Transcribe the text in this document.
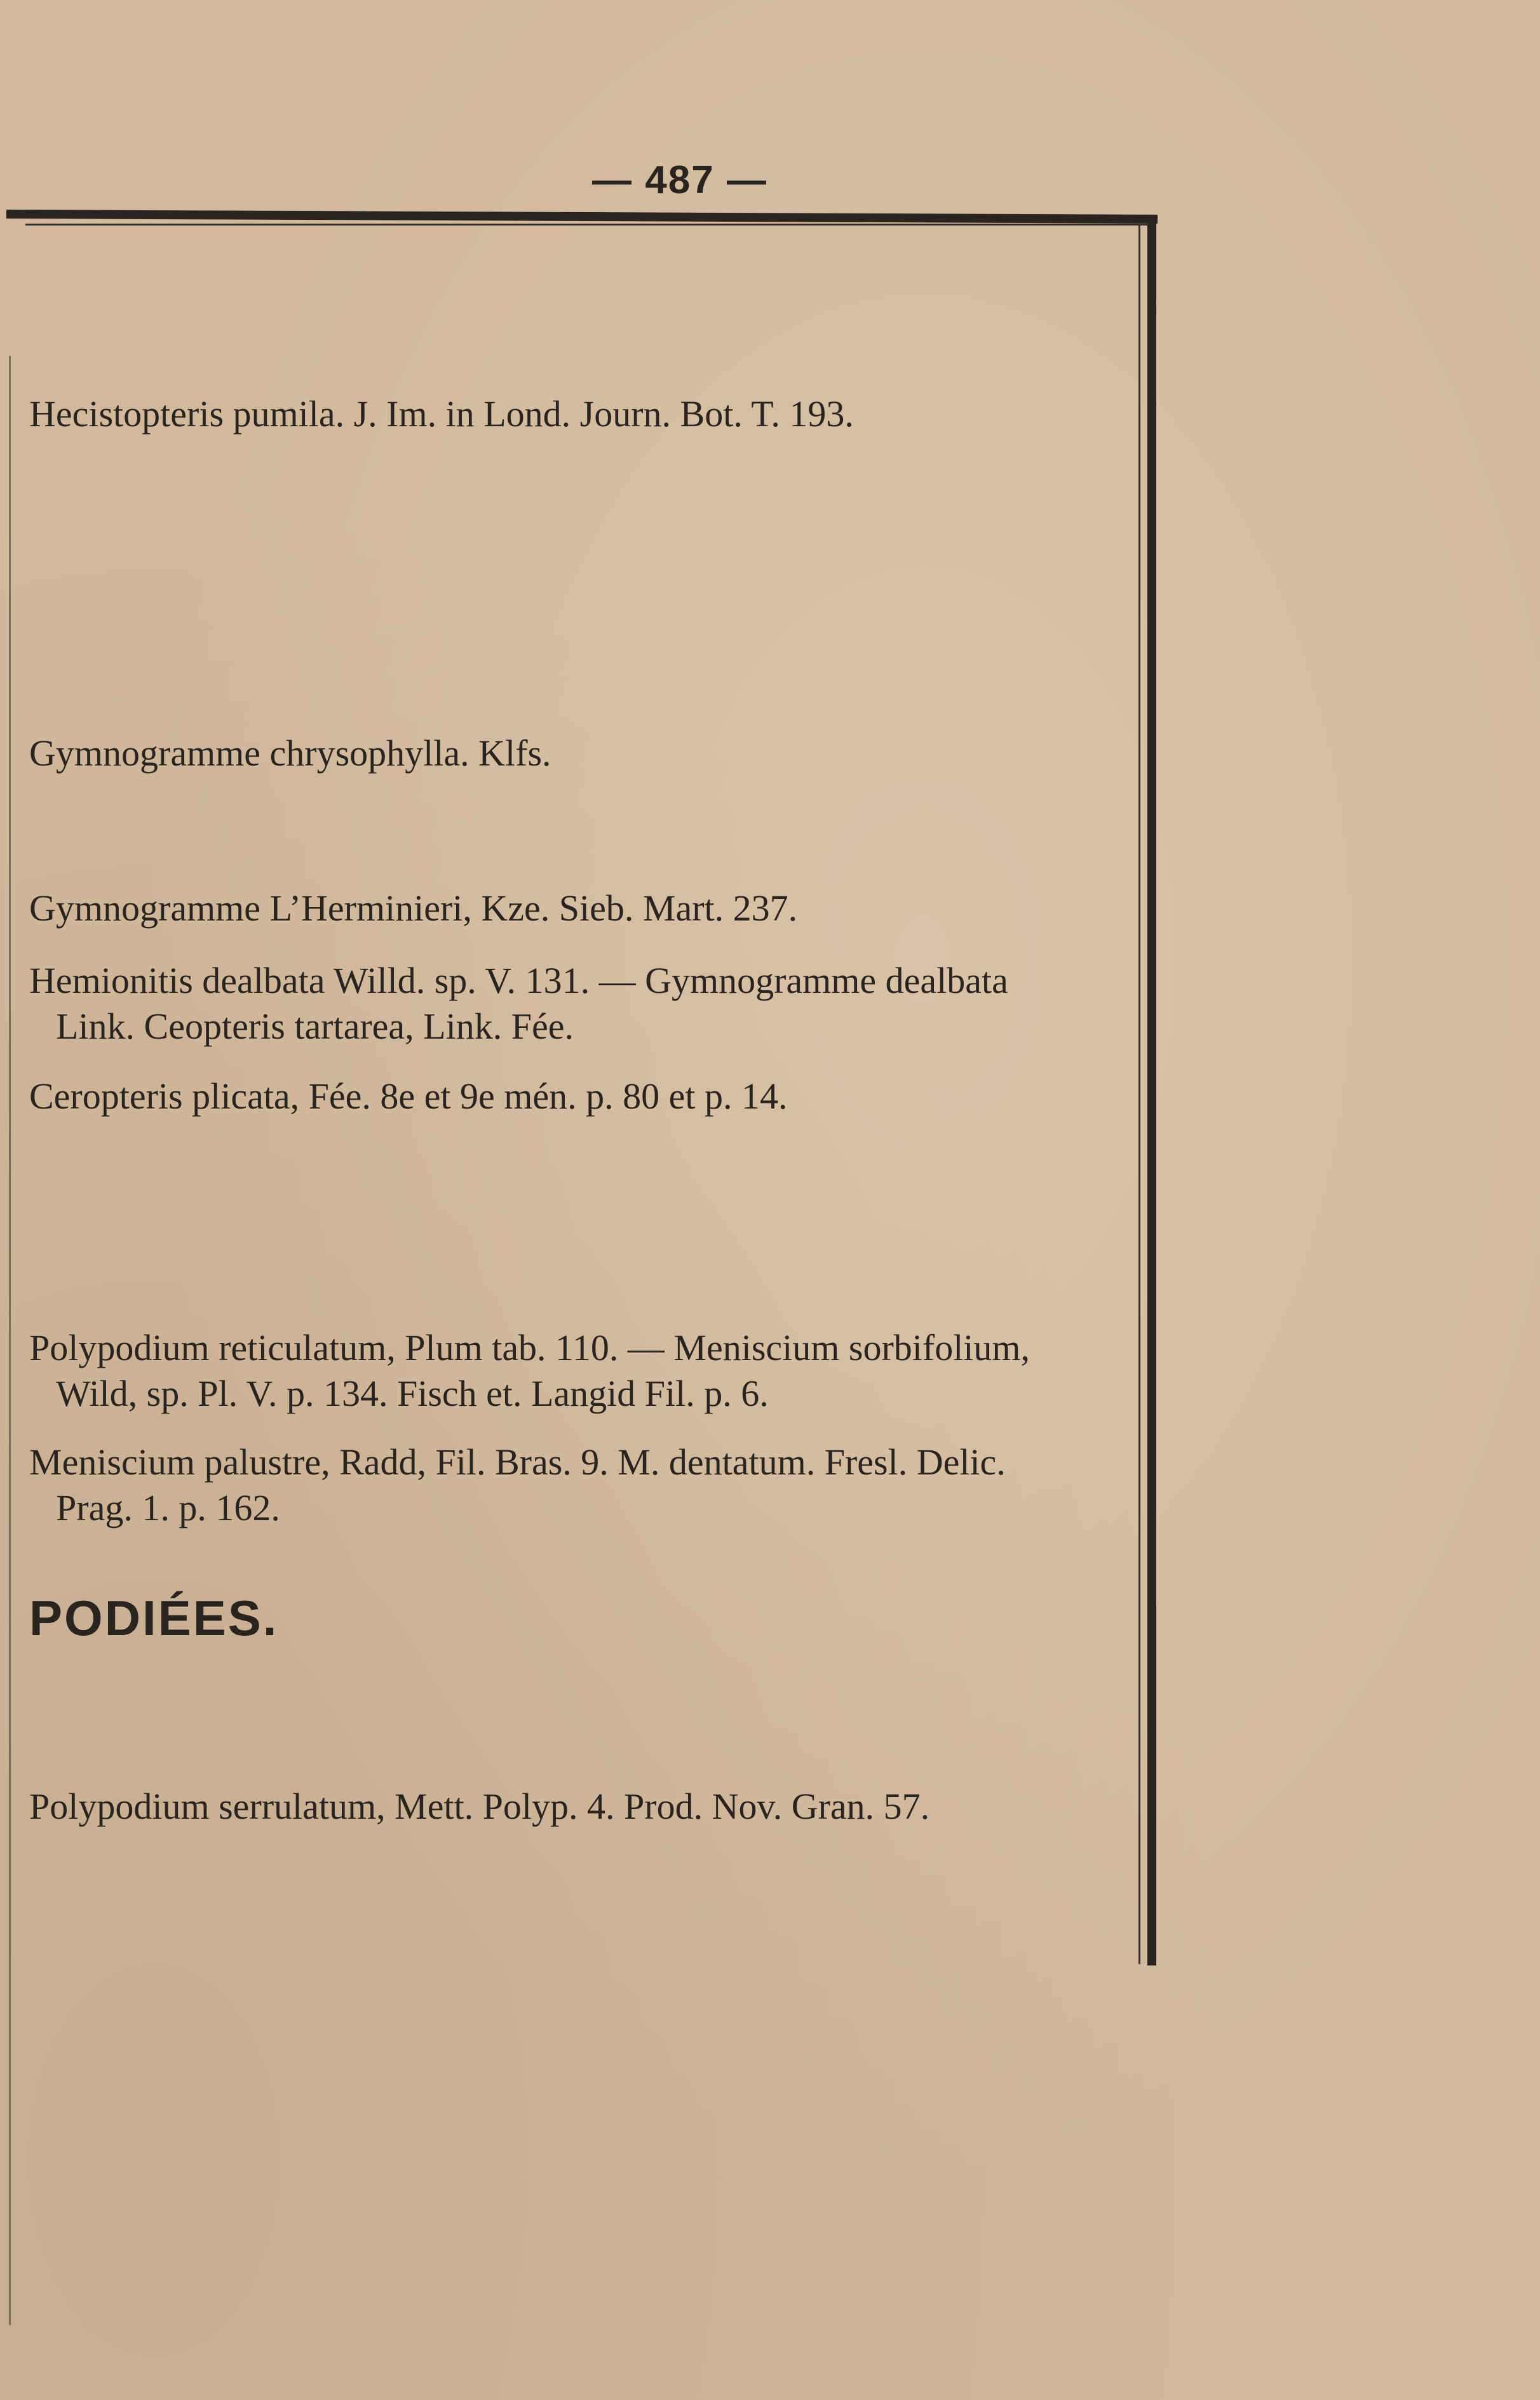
— 487 —
Hecistopteris pumila. J. Im. in Lond. Journ. Bot. T. 193.
Gymnogramme chrysophylla. Klfs.
Gymnogramme L’Herminieri, Kze. Sieb. Mart. 237.
Hemionitis dealbata Willd. sp. V. 131. — Gymnogramme dealbata
Link. Ceopteris tartarea, Link. Fée.
Ceropteris plicata, Fée. 8e et 9e mén. p. 80 et p. 14.
Polypodium reticulatum, Plum tab. 110. — Meniscium sorbifolium,
Wild, sp. Pl. V. p. 134. Fisch et. Langid Fil. p. 6.
Meniscium palustre, Radd, Fil. Bras. 9. M. dentatum. Fresl. Delic.
Prag. 1. p. 162.
PODIÉES.
Polypodium serrulatum, Mett. Polyp. 4. Prod. Nov. Gran. 57.
